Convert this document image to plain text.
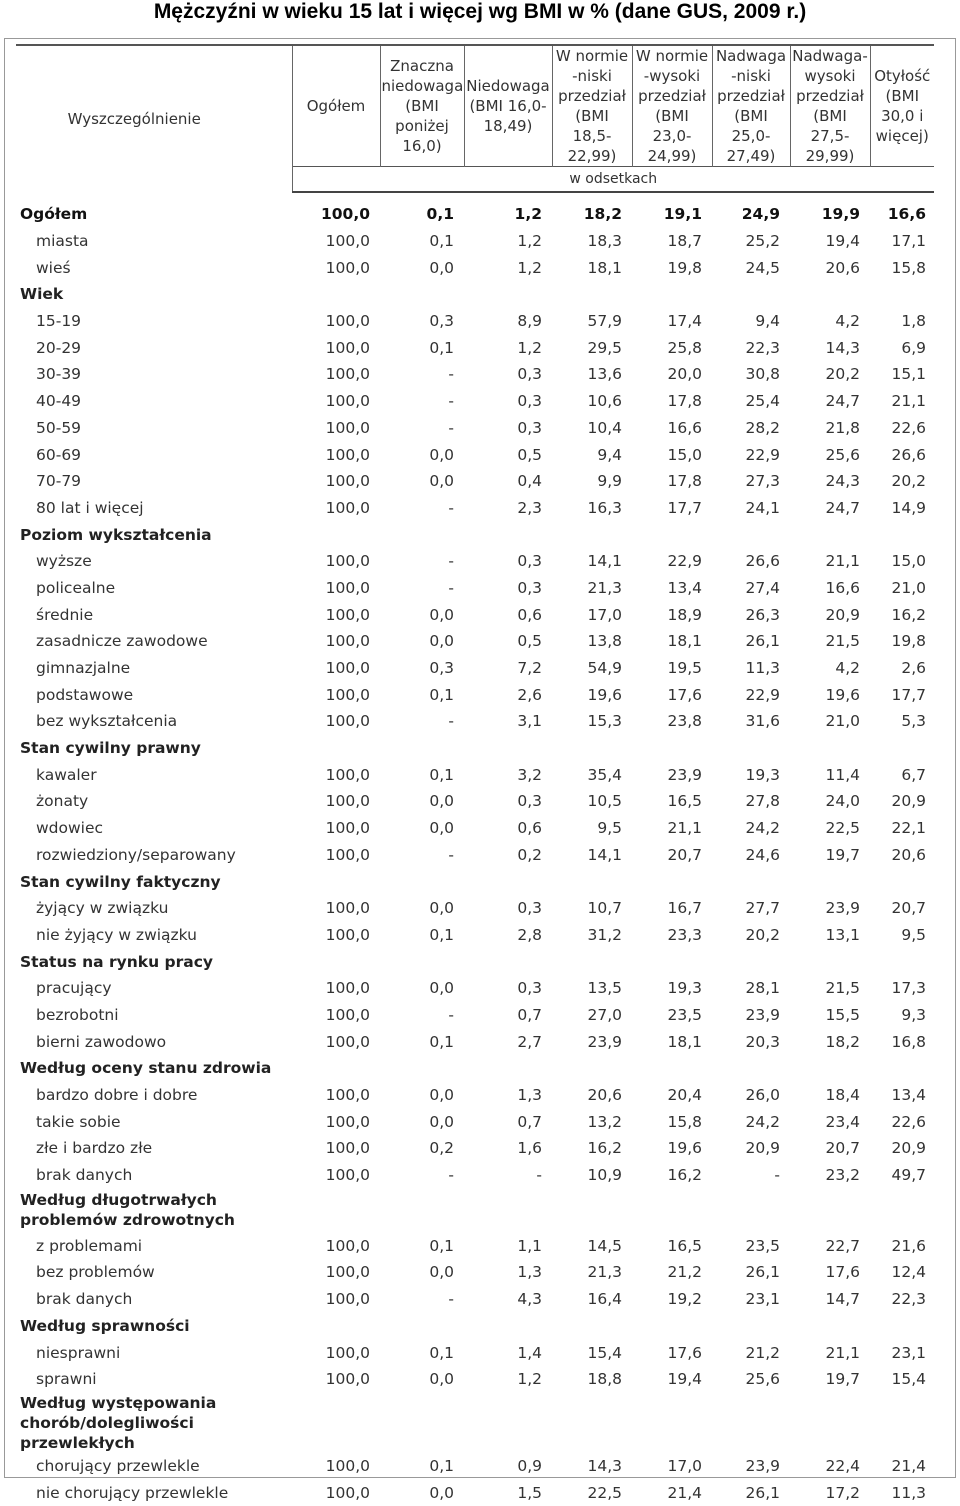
Mężczyźni w wieku 15 lat i więcej wg BMI w % (dane GUS, 2009 r.)
Wyszczególnienie	Ogółem	Znaczna niedowaga (BMI poniżej 16,0)	Niedowaga (BMI 16,0-18,49)	W normie -niski przedział (BMI 18,5-22,99)	W normie -wysoki przedział (BMI 23,0-24,99)	Nadwaga -niski przedział (BMI 25,0-27,49)	Nadwaga-wysoki przedział (BMI 27,5-29,99)	Otyłość (BMI 30,0 i więcej)
	w odsetkach							
Ogółem	100,0	0,1	1,2	18,2	19,1	24,9	19,9	16,6
miasta	100,0	0,1	1,2	18,3	18,7	25,2	19,4	17,1
wieś	100,0	0,0	1,2	18,1	19,8	24,5	20,6	15,8
Wiek								
15-19	100,0	0,3	8,9	57,9	17,4	9,4	4,2	1,8
20-29	100,0	0,1	1,2	29,5	25,8	22,3	14,3	6,9
30-39	100,0	-	0,3	13,6	20,0	30,8	20,2	15,1
40-49	100,0	-	0,3	10,6	17,8	25,4	24,7	21,1
50-59	100,0	-	0,3	10,4	16,6	28,2	21,8	22,6
60-69	100,0	0,0	0,5	9,4	15,0	22,9	25,6	26,6
70-79	100,0	0,0	0,4	9,9	17,8	27,3	24,3	20,2
80 lat i więcej	100,0	-	2,3	16,3	17,7	24,1	24,7	14,9
Poziom wykształcenia								
wyższe	100,0	-	0,3	14,1	22,9	26,6	21,1	15,0
policealne	100,0	-	0,3	21,3	13,4	27,4	16,6	21,0
średnie	100,0	0,0	0,6	17,0	18,9	26,3	20,9	16,2
zasadnicze zawodowe	100,0	0,0	0,5	13,8	18,1	26,1	21,5	19,8
gimnazjalne	100,0	0,3	7,2	54,9	19,5	11,3	4,2	2,6
podstawowe	100,0	0,1	2,6	19,6	17,6	22,9	19,6	17,7
bez wykształcenia	100,0	-	3,1	15,3	23,8	31,6	21,0	5,3
Stan cywilny prawny								
kawaler	100,0	0,1	3,2	35,4	23,9	19,3	11,4	6,7
żonaty	100,0	0,0	0,3	10,5	16,5	27,8	24,0	20,9
wdowiec	100,0	0,0	0,6	9,5	21,1	24,2	22,5	22,1
rozwiedziony/separowany	100,0	-	0,2	14,1	20,7	24,6	19,7	20,6
Stan cywilny faktyczny								
żyjący w związku	100,0	0,0	0,3	10,7	16,7	27,7	23,9	20,7
nie żyjący w związku	100,0	0,1	2,8	31,2	23,3	20,2	13,1	9,5
Status na rynku pracy								
pracujący	100,0	0,0	0,3	13,5	19,3	28,1	21,5	17,3
bezrobotni	100,0	-	0,7	27,0	23,5	23,9	15,5	9,3
bierni zawodowo	100,0	0,1	2,7	23,9	18,1	20,3	18,2	16,8
Według oceny stanu zdrowia								
bardzo dobre i dobre	100,0	0,0	1,3	20,6	20,4	26,0	18,4	13,4
takie sobie	100,0	0,0	0,7	13,2	15,8	24,2	23,4	22,6
złe i bardzo złe	100,0	0,2	1,6	16,2	19,6	20,9	20,7	20,9
brak danych	100,0	-	-	10,9	16,2	-	23,2	49,7
Według długotrwałych problemów zdrowotnych								
z problemami	100,0	0,1	1,1	14,5	16,5	23,5	22,7	21,6
bez problemów	100,0	0,0	1,3	21,3	21,2	26,1	17,6	12,4
brak danych	100,0	-	4,3	16,4	19,2	23,1	14,7	22,3
Według sprawności								
niesprawni	100,0	0,1	1,4	15,4	17,6	21,2	21,1	23,1
sprawni	100,0	0,0	1,2	18,8	19,4	25,6	19,7	15,4
Według występowania chorób/dolegliwości przewlekłych								
chorujący przewlekle	100,0	0,1	0,9	14,3	17,0	23,9	22,4	21,4
nie chorujący przewlekle	100,0	0,0	1,5	22,5	21,4	26,1	17,2	11,3
